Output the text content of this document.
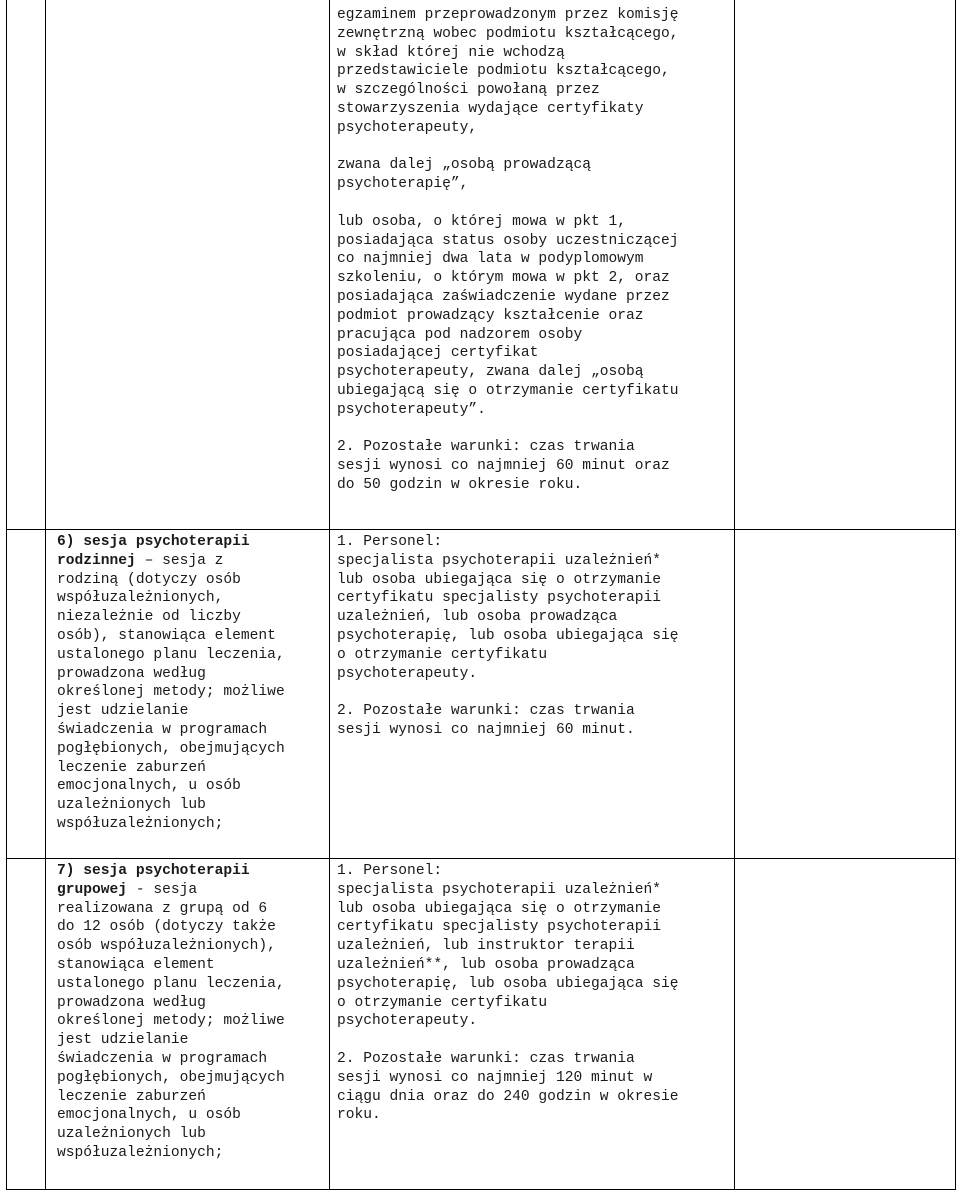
egzaminem przeprowadzonym przez komisję
zewnętrzną wobec podmiotu kształcącego,
w skład której nie wchodzą
przedstawiciele podmiotu kształcącego,
w szczególności powołaną przez
stowarzyszenia wydające certyfikaty
psychoterapeuty,
zwana dalej „osobą prowadzącą
psychoterapię”,
lub osoba, o której mowa w pkt 1,
posiadająca status osoby uczestniczącej
co najmniej dwa lata w podyplomowym
szkoleniu, o którym mowa w pkt 2, oraz
posiadająca zaświadczenie wydane przez
podmiot prowadzący kształcenie oraz
pracująca pod nadzorem osoby
posiadającej certyfikat
psychoterapeuty, zwana dalej „osobą
ubiegającą się o otrzymanie certyfikatu
psychoterapeuty”.
2. Pozostałe warunki: czas trwania
sesji wynosi co najmniej 60 minut oraz
do 50 godzin w okresie roku.
6) sesja psychoterapii
rodzinnej – sesja z
rodziną (dotyczy osób
współuzależnionych,
niezależnie od liczby
osób), stanowiąca element
ustalonego planu leczenia,
prowadzona według
określonej metody; możliwe
jest udzielanie
świadczenia w programach
pogłębionych, obejmujących
leczenie zaburzeń
emocjonalnych, u osób
uzależnionych lub
współuzależnionych;
1. Personel:
specjalista psychoterapii uzależnień*
lub osoba ubiegająca się o otrzymanie
certyfikatu specjalisty psychoterapii
uzależnień, lub osoba prowadząca
psychoterapię, lub osoba ubiegająca się
o otrzymanie certyfikatu
psychoterapeuty.
2. Pozostałe warunki: czas trwania
sesji wynosi co najmniej 60 minut.
7) sesja psychoterapii
grupowej - sesja
realizowana z grupą od 6
do 12 osób (dotyczy także
osób współuzależnionych),
stanowiąca element
ustalonego planu leczenia,
prowadzona według
określonej metody; możliwe
jest udzielanie
świadczenia w programach
pogłębionych, obejmujących
leczenie zaburzeń
emocjonalnych, u osób
uzależnionych lub
współuzależnionych;
1. Personel:
specjalista psychoterapii uzależnień*
lub osoba ubiegająca się o otrzymanie
certyfikatu specjalisty psychoterapii
uzależnień, lub instruktor terapii
uzależnień**, lub osoba prowadząca
psychoterapię, lub osoba ubiegająca się
o otrzymanie certyfikatu
psychoterapeuty.
2. Pozostałe warunki: czas trwania
sesji wynosi co najmniej 120 minut w
ciągu dnia oraz do 240 godzin w okresie
roku.
